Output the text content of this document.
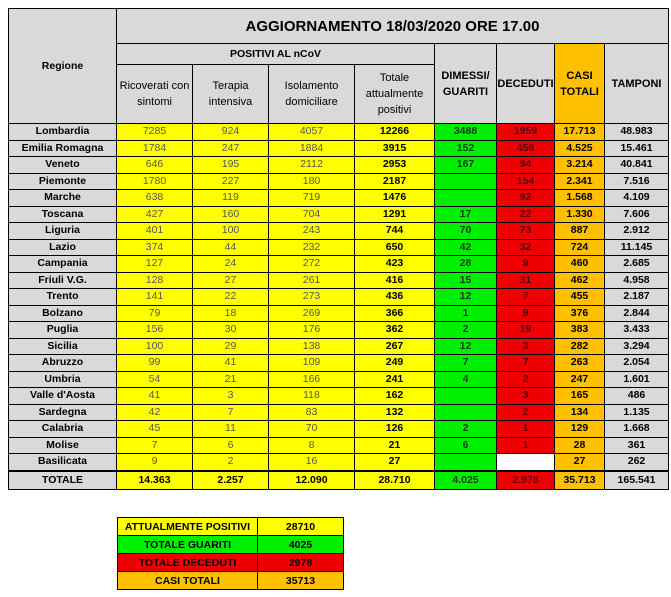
Regione	AGGIORNAMENTO 18/03/2020 ORE 17.00							
	POSITIVI AL nCoV				DIMESSI/ GUARITI	DECEDUTI	CASI TOTALI	TAMPONI
	Ricoverati con sintomi	Terapia intensiva	Isolamento domiciliare	Totale attualmente positivi				
Lombardia	7285	924	4057	12266	3488	1959	17.713	48.983
Emilia Romagna	1784	247	1884	3915	152	458	4.525	15.461
Veneto	646	195	2112	2953	167	94	3.214	40.841
Piemonte	1780	227	180	2187		154	2.341	7.516
Marche	638	119	719	1476		92	1.568	4.109
Toscana	427	160	704	1291	17	22	1.330	7.606
Liguria	401	100	243	744	70	73	887	2.912
Lazio	374	44	232	650	42	32	724	11.145
Campania	127	24	272	423	28	9	460	2.685
Friuli V.G.	128	27	261	416	15	31	462	4.958
Trento	141	22	273	436	12	7	455	2.187
Bolzano	79	18	269	366	1	9	376	2.844
Puglia	156	30	176	362	2	19	383	3.433
Sicilia	100	29	138	267	12	3	282	3.294
Abruzzo	99	41	109	249	7	7	263	2.054
Umbria	54	21	166	241	4	2	247	1.601
Valle d'Aosta	41	3	118	162		3	165	486
Sardegna	42	7	83	132		2	134	1.135
Calabria	45	11	70	126	2	1	129	1.668
Molise	7	6	8	21	6	1	28	361
Basilicata	9	2	16	27			27	262
TOTALE	14.363	2.257	12.090	28.710	4.025	2.978	35.713	165.541
ATTUALMENTE POSITIVI	28710
TOTALE GUARITI	4025
TOTALE DECEDUTI	2978
CASI TOTALI	35713
